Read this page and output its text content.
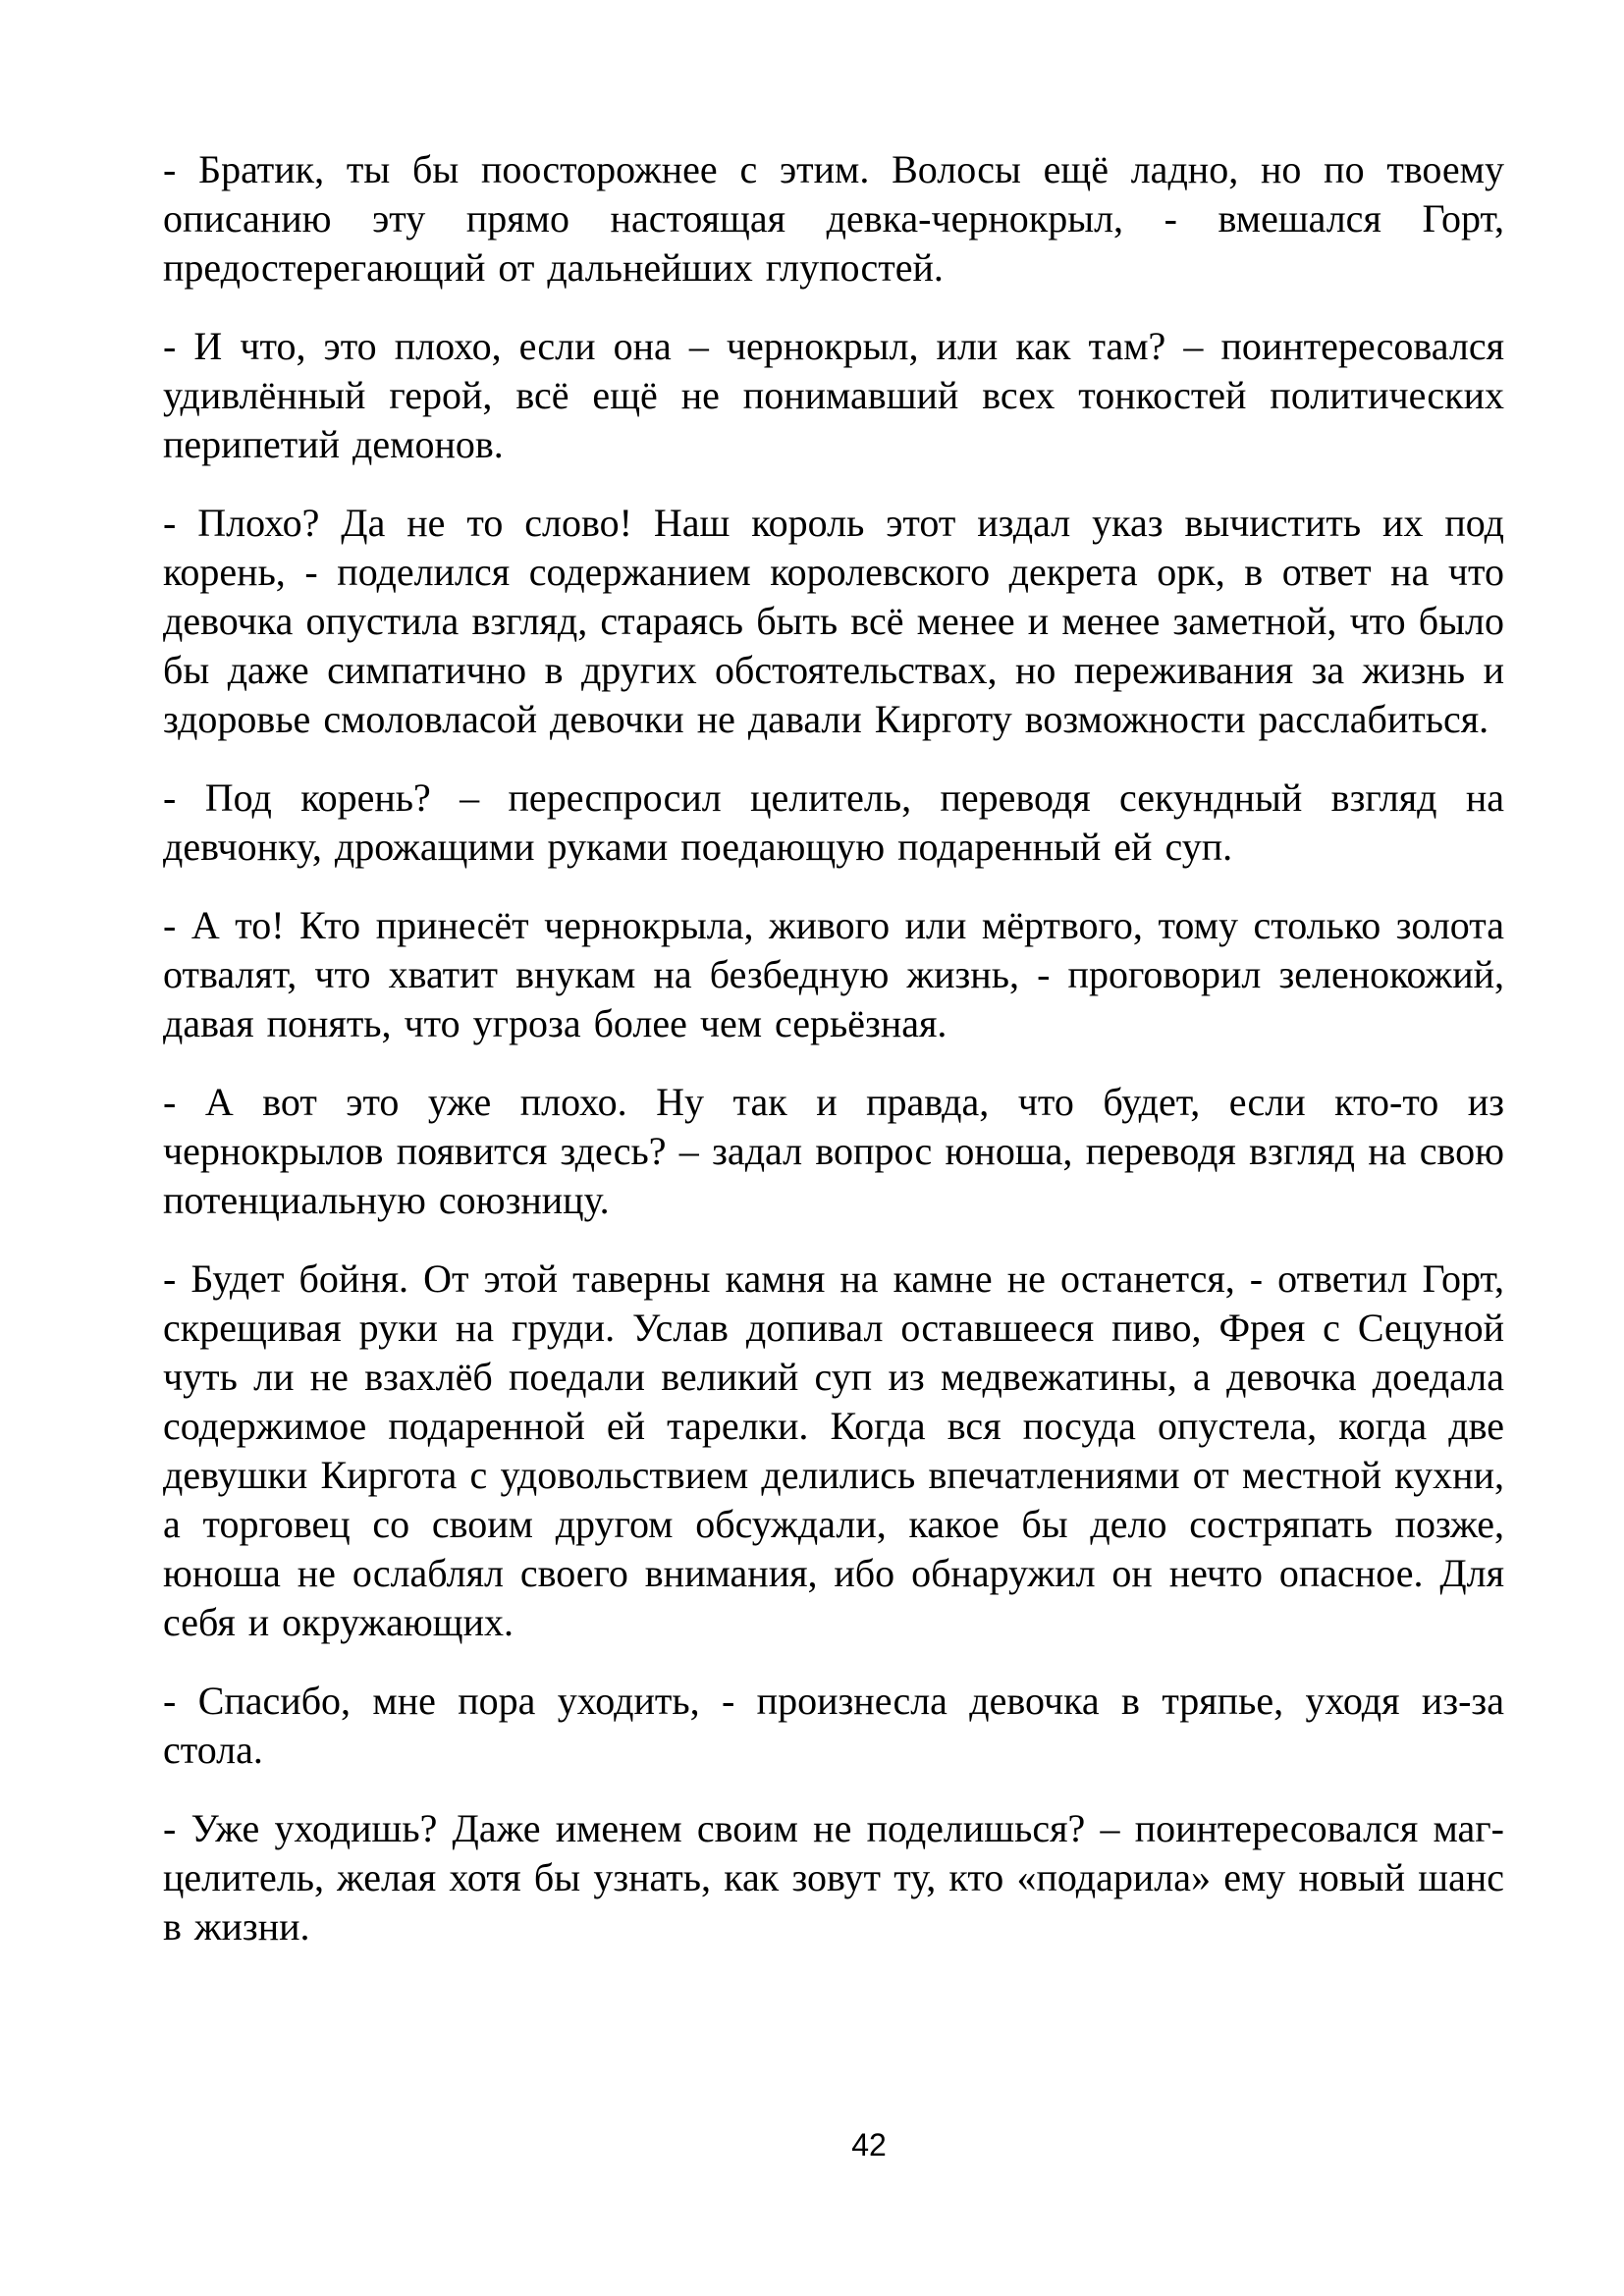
- Братик, ты бы поосторожнее с этим. Волосы ещё ладно, но по твоему описанию эту прямо настоящая девка-чернокрыл, - вмешался Горт, предостерегающий от дальнейших глупостей.

- И что, это плохо, если она – чернокрыл, или как там? – поинтересовался удивлённый герой, всё ещё не понимавший всех тонкостей политических перипетий демонов.

- Плохо? Да не то слово! Наш король этот издал указ вычистить их под корень, - поделился содержанием королевского декрета орк, в ответ на что девочка опустила взгляд, стараясь быть всё менее и менее заметной, что было бы даже симпатично в других обстоятельствах, но переживания за жизнь и здоровье смоловласой девочки не давали Кирготу возможности расслабиться.

- Под корень? – переспросил целитель, переводя секундный взгляд на девчонку, дрожащими руками поедающую подаренный ей суп.

- А то! Кто принесёт чернокрыла, живого или мёртвого, тому столько золота отвалят, что хватит внукам на безбедную жизнь, - проговорил зеленокожий, давая понять, что угроза более чем серьёзная.

- А вот это уже плохо. Ну так и правда, что будет, если кто-то из чернокрылов появится здесь? – задал вопрос юноша, переводя взгляд на свою потенциальную союзницу.

- Будет бойня. От этой таверны камня на камне не останется, - ответил Горт, скрещивая руки на груди. Услав допивал оставшееся пиво, Фрея с Сецуной чуть ли не взахлёб поедали великий суп из медвежатины, а девочка доедала содержимое подаренной ей тарелки. Когда вся посуда опустела, когда две девушки Киргота с удовольствием делились впечатлениями от местной кухни, а торговец со своим другом обсуждали, какое бы дело состряпать позже, юноша не ослаблял своего внимания, ибо обнаружил он нечто опасное. Для себя и окружающих.

- Спасибо, мне пора уходить, - произнесла девочка в тряпье, уходя из-за стола.

- Уже уходишь? Даже именем своим не поделишься? – поинтересовался маг-целитель, желая хотя бы узнать, как зовут ту, кто «подарила» ему новый шанс в жизни.

42
